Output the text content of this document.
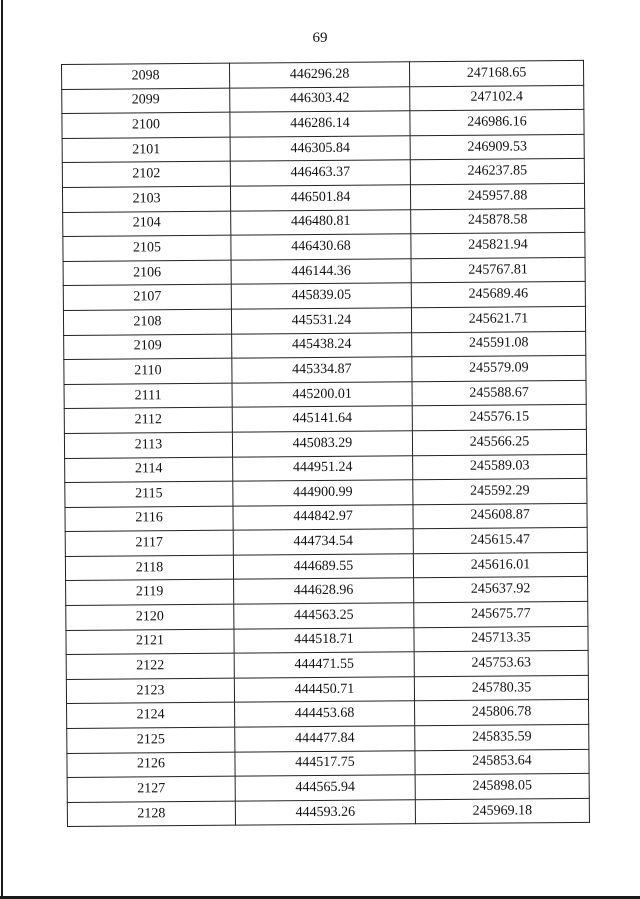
69
2098	446296.28	247168.65
2099	446303.42	247102.4
2100	446286.14	246986.16
2101	446305.84	246909.53
2102	446463.37	246237.85
2103	446501.84	245957.88
2104	446480.81	245878.58
2105	446430.68	245821.94
2106	446144.36	245767.81
2107	445839.05	245689.46
2108	445531.24	245621.71
2109	445438.24	245591.08
2110	445334.87	245579.09
2111	445200.01	245588.67
2112	445141.64	245576.15
2113	445083.29	245566.25
2114	444951.24	245589.03
2115	444900.99	245592.29
2116	444842.97	245608.87
2117	444734.54	245615.47
2118	444689.55	245616.01
2119	444628.96	245637.92
2120	444563.25	245675.77
2121	444518.71	245713.35
2122	444471.55	245753.63
2123	444450.71	245780.35
2124	444453.68	245806.78
2125	444477.84	245835.59
2126	444517.75	245853.64
2127	444565.94	245898.05
2128	444593.26	245969.18
